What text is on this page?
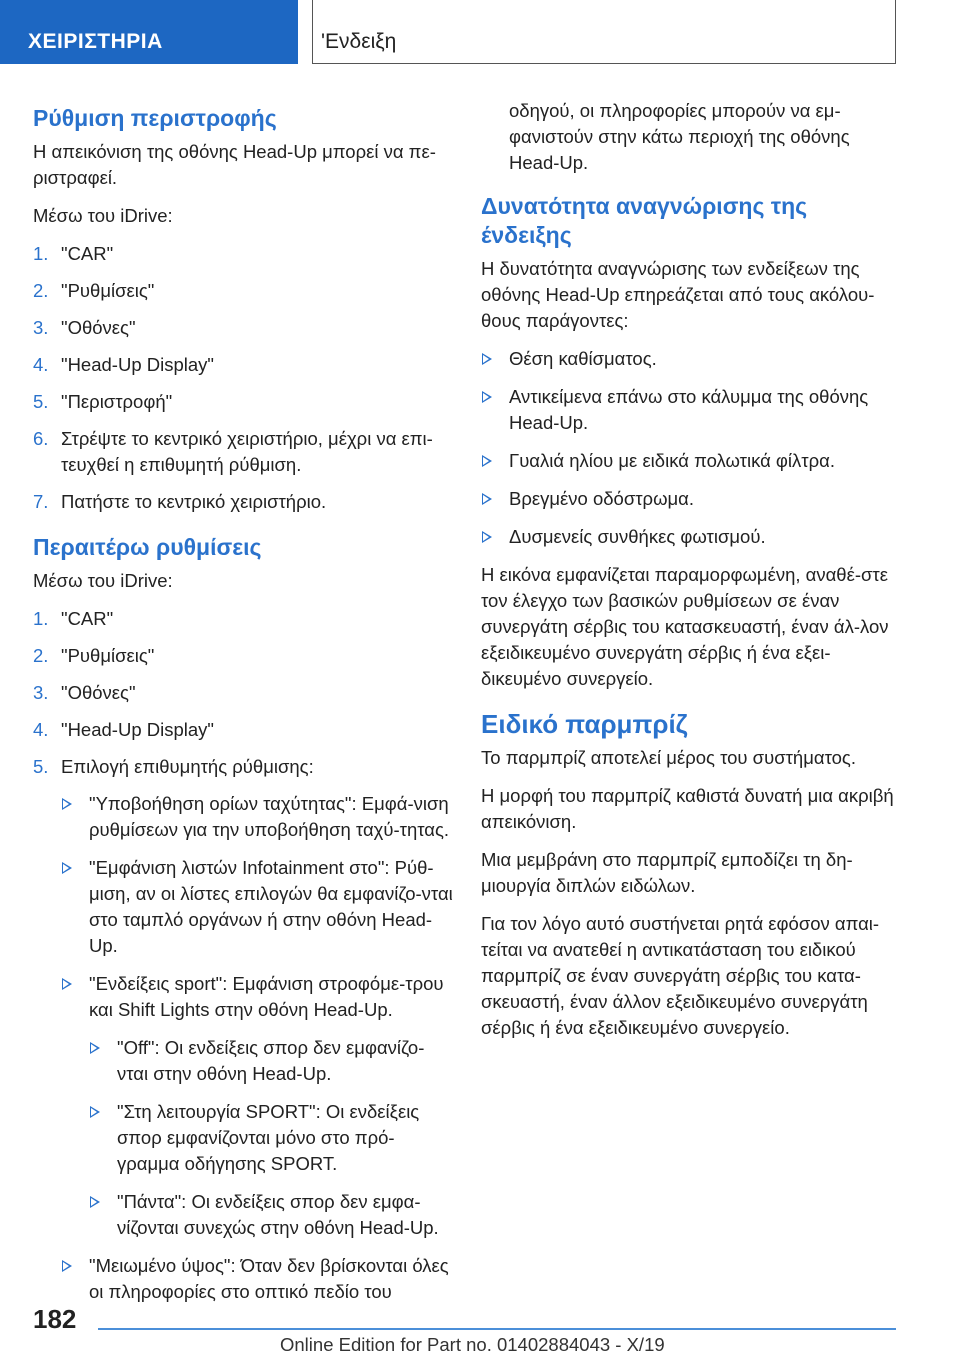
ΧΕΙΡΙΣΤΗΡΙΑ	'Ενδειξη
Ρύθμιση περιστροφής
Η απεικόνιση της οθόνης Head-Up μπορεί να πε‐ριστραφεί.
Μέσω του iDrive:
1. "CAR"
2. "Ρυθμίσεις"
3. "Οθόνες"
4. "Head-Up Display"
5. "Περιστροφή"
6. Στρέψτε το κεντρικό χειριστήριο, μέχρι να επι‐τευχθεί η επιθυμητή ρύθμιση.
7. Πατήστε το κεντρικό χειριστήριο.
Περαιτέρω ρυθμίσεις
Μέσω του iDrive:
1. "CAR"
2. "Ρυθμίσεις"
3. "Οθόνες"
4. "Head-Up Display"
5. Επιλογή επιθυμητής ρύθμισης:
"Υποβοήθηση ορίων ταχύτητας": Εμφά‐νιση ρυθμίσεων για την υποβοήθηση ταχύ‐τητας.
"Εμφάνιση λιστών Infotainment στο": Ρύθ‐μιση, αν οι λίστες επιλογών θα εμφανίζο‐νται στο ταμπλό οργάνων ή στην οθόνη Head-Up.
"Ενδείξεις sport": Εμφάνιση στροφόμε‐τρου και Shift Lights στην οθόνη Head-Up.
"Off": Οι ενδείξεις σπορ δεν εμφανίζο‐νται στην οθόνη Head-Up.
"Στη λειτουργία SPORT": Οι ενδείξεις σπορ εμφανίζονται μόνο στο πρό‐γραμμα οδήγησης SPORT.
"Πάντα": Οι ενδείξεις σπορ δεν εμφα‐νίζονται συνεχώς στην οθόνη Head-Up.
"Μειωμένο ύψος": Όταν δεν βρίσκονται όλες οι πληροφορίες στο οπτικό πεδίο του
οδηγού, οι πληροφορίες μπορούν να εμ‐φανιστούν στην κάτω περιοχή της οθόνης Head-Up.
Δυνατότητα αναγνώρισης της ένδειξης
Η δυνατότητα αναγνώρισης των ενδείξεων της οθόνης Head-Up επηρεάζεται από τους ακόλου‐θους παράγοντες:
Θέση καθίσματος.
Αντικείμενα επάνω στο κάλυμμα της οθόνης Head-Up.
Γυαλιά ηλίου με ειδικά πολωτικά φίλτρα.
Βρεγμένο οδόστρωμα.
Δυσμενείς συνθήκες φωτισμού.
Η εικόνα εμφανίζεται παραμορφωμένη, αναθέ‐στε τον έλεγχο των βασικών ρυθμίσεων σε έναν συνεργάτη σέρβις του κατασκευαστή, έναν άλ‐λον εξειδικευμένο συνεργάτη σέρβις ή ένα εξει‐δικευμένο συνεργείο.
Ειδικό παρμπρίζ
Το παρμπρίζ αποτελεί μέρος του συστήματος.
Η μορφή του παρμπρίζ καθιστά δυνατή μια ακριβή απεικόνιση.
Μια μεμβράνη στο παρμπρίζ εμποδίζει τη δη‐μιουργία διπλών ειδώλων.
Για τον λόγο αυτό συστήνεται ρητά εφόσον απαι‐τείται να ανατεθεί η αντικατάσταση του ειδικού παρμπρίζ σε έναν συνεργάτη σέρβις του κατα‐σκευαστή, έναν άλλον εξειδικευμένο συνεργάτη σέρβις ή ένα εξειδικευμένο συνεργείο.
182
Online Edition for Part no. 01402884043 - X/19
